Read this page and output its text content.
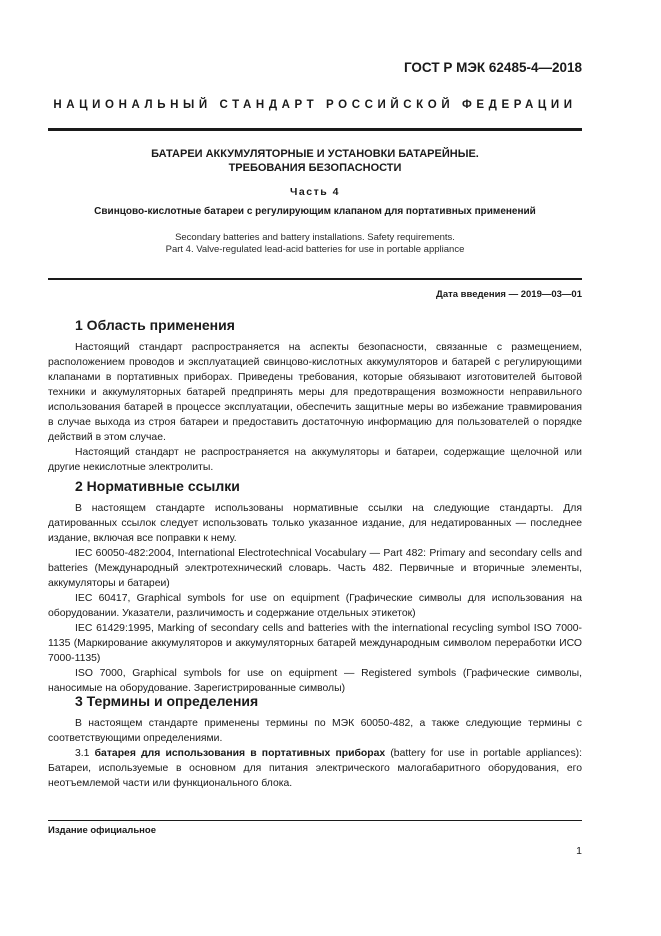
ГОСТ Р МЭК 62485-4—2018
НАЦИОНАЛЬНЫЙ СТАНДАРТ РОССИЙСКОЙ ФЕДЕРАЦИИ
БАТАРЕИ АККУМУЛЯТОРНЫЕ И УСТАНОВКИ БАТАРЕЙНЫЕ.
ТРЕБОВАНИЯ БЕЗОПАСНОСТИ
Часть 4
Свинцово-кислотные батареи с регулирующим клапаном для портативных применений
Secondary batteries and battery installations. Safety requirements.
Part 4. Valve-regulated lead-acid batteries for use in portable appliance
Дата введения — 2019—03—01
1 Область применения

Настоящий стандарт распространяется на аспекты безопасности, связанные с размещением, расположением проводов и эксплуатацией свинцово-кислотных аккумуляторов и батарей с регулирующими клапанами в портативных приборах. Приведены требования, которые обязывают изготовителей бытовой техники и аккумуляторных батарей предпринять меры для предотвращения возможности неправильного использования батарей в процессе эксплуатации, обеспечить защитные меры во избежание травмирования в случае выхода из строя батареи и предоставить достаточную информацию для пользователей о порядке действий в этом случае.

Настоящий стандарт не распространяется на аккумуляторы и батареи, содержащие щелочной или другие некислотные электролиты.

2 Нормативные ссылки

В настоящем стандарте использованы нормативные ссылки на следующие стандарты. Для датированных ссылок следует использовать только указанное издание, для недатированных — последнее издание, включая все поправки к нему.

IEC 60050-482:2004, International Electrotechnical Vocabulary — Part 482: Primary and secondary cells and batteries (Международный электротехнический словарь. Часть 482. Первичные и вторичные элементы, аккумуляторы и батареи)

IEC 60417, Graphical symbols for use on equipment (Графические символы для использования на оборудовании. Указатели, различимость и содержание отдельных этикеток)

IEC 61429:1995, Marking of secondary cells and batteries with the international recycling symbol ISO 7000-1135 (Маркирование аккумуляторов и аккумуляторных батарей международным символом переработки ИСО 7000-1135)

ISO 7000, Graphical symbols for use on equipment — Registered symbols (Графические символы, наносимые на оборудование. Зарегистрированные символы)

3 Термины и определения

В настоящем стандарте применены термины по МЭК 60050-482, а также следующие термины с соответствующими определениями.

3.1 батарея для использования в портативных приборах (battery for use in portable appliances): Батареи, используемые в основном для питания электрического малогабаритного оборудования, его неотъемлемой части или функционального блока.

Издание официальное
1
